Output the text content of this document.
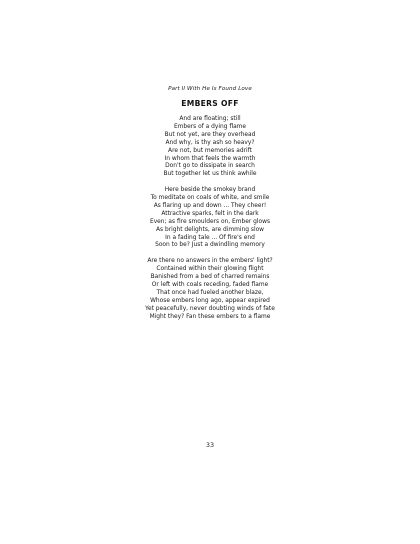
Part II With He Is Found Love
EMBERS OFF
And are floating; still
Embers of a dying flame
But not yet, are they overhead
And why, is thy ash so heavy?
Are not, but memories adrift
In whom that feels the warmth
Don't go to dissipate in search
But together let us think awhile
Here beside the smokey brand
To meditate on coals of white, and smile
As flaring up and down ... They cheer!
Attractive sparks, felt in the dark
Even; as fire smoulders on, Ember glows
As bright delights, are dimming slow
In a fading tale ... Of fire's end
Soon to be? Just a dwindling memory
Are there no answers in the embers' light?
Contained within their glowing flight
Banished from a bed of charred remains
Or left with coals receding, faded flame
That once had fueled another blaze,
Whose embers long ago, appear expired
Yet peacefully, never doubting winds of fate
Might they? Fan these embers to a flame
33
